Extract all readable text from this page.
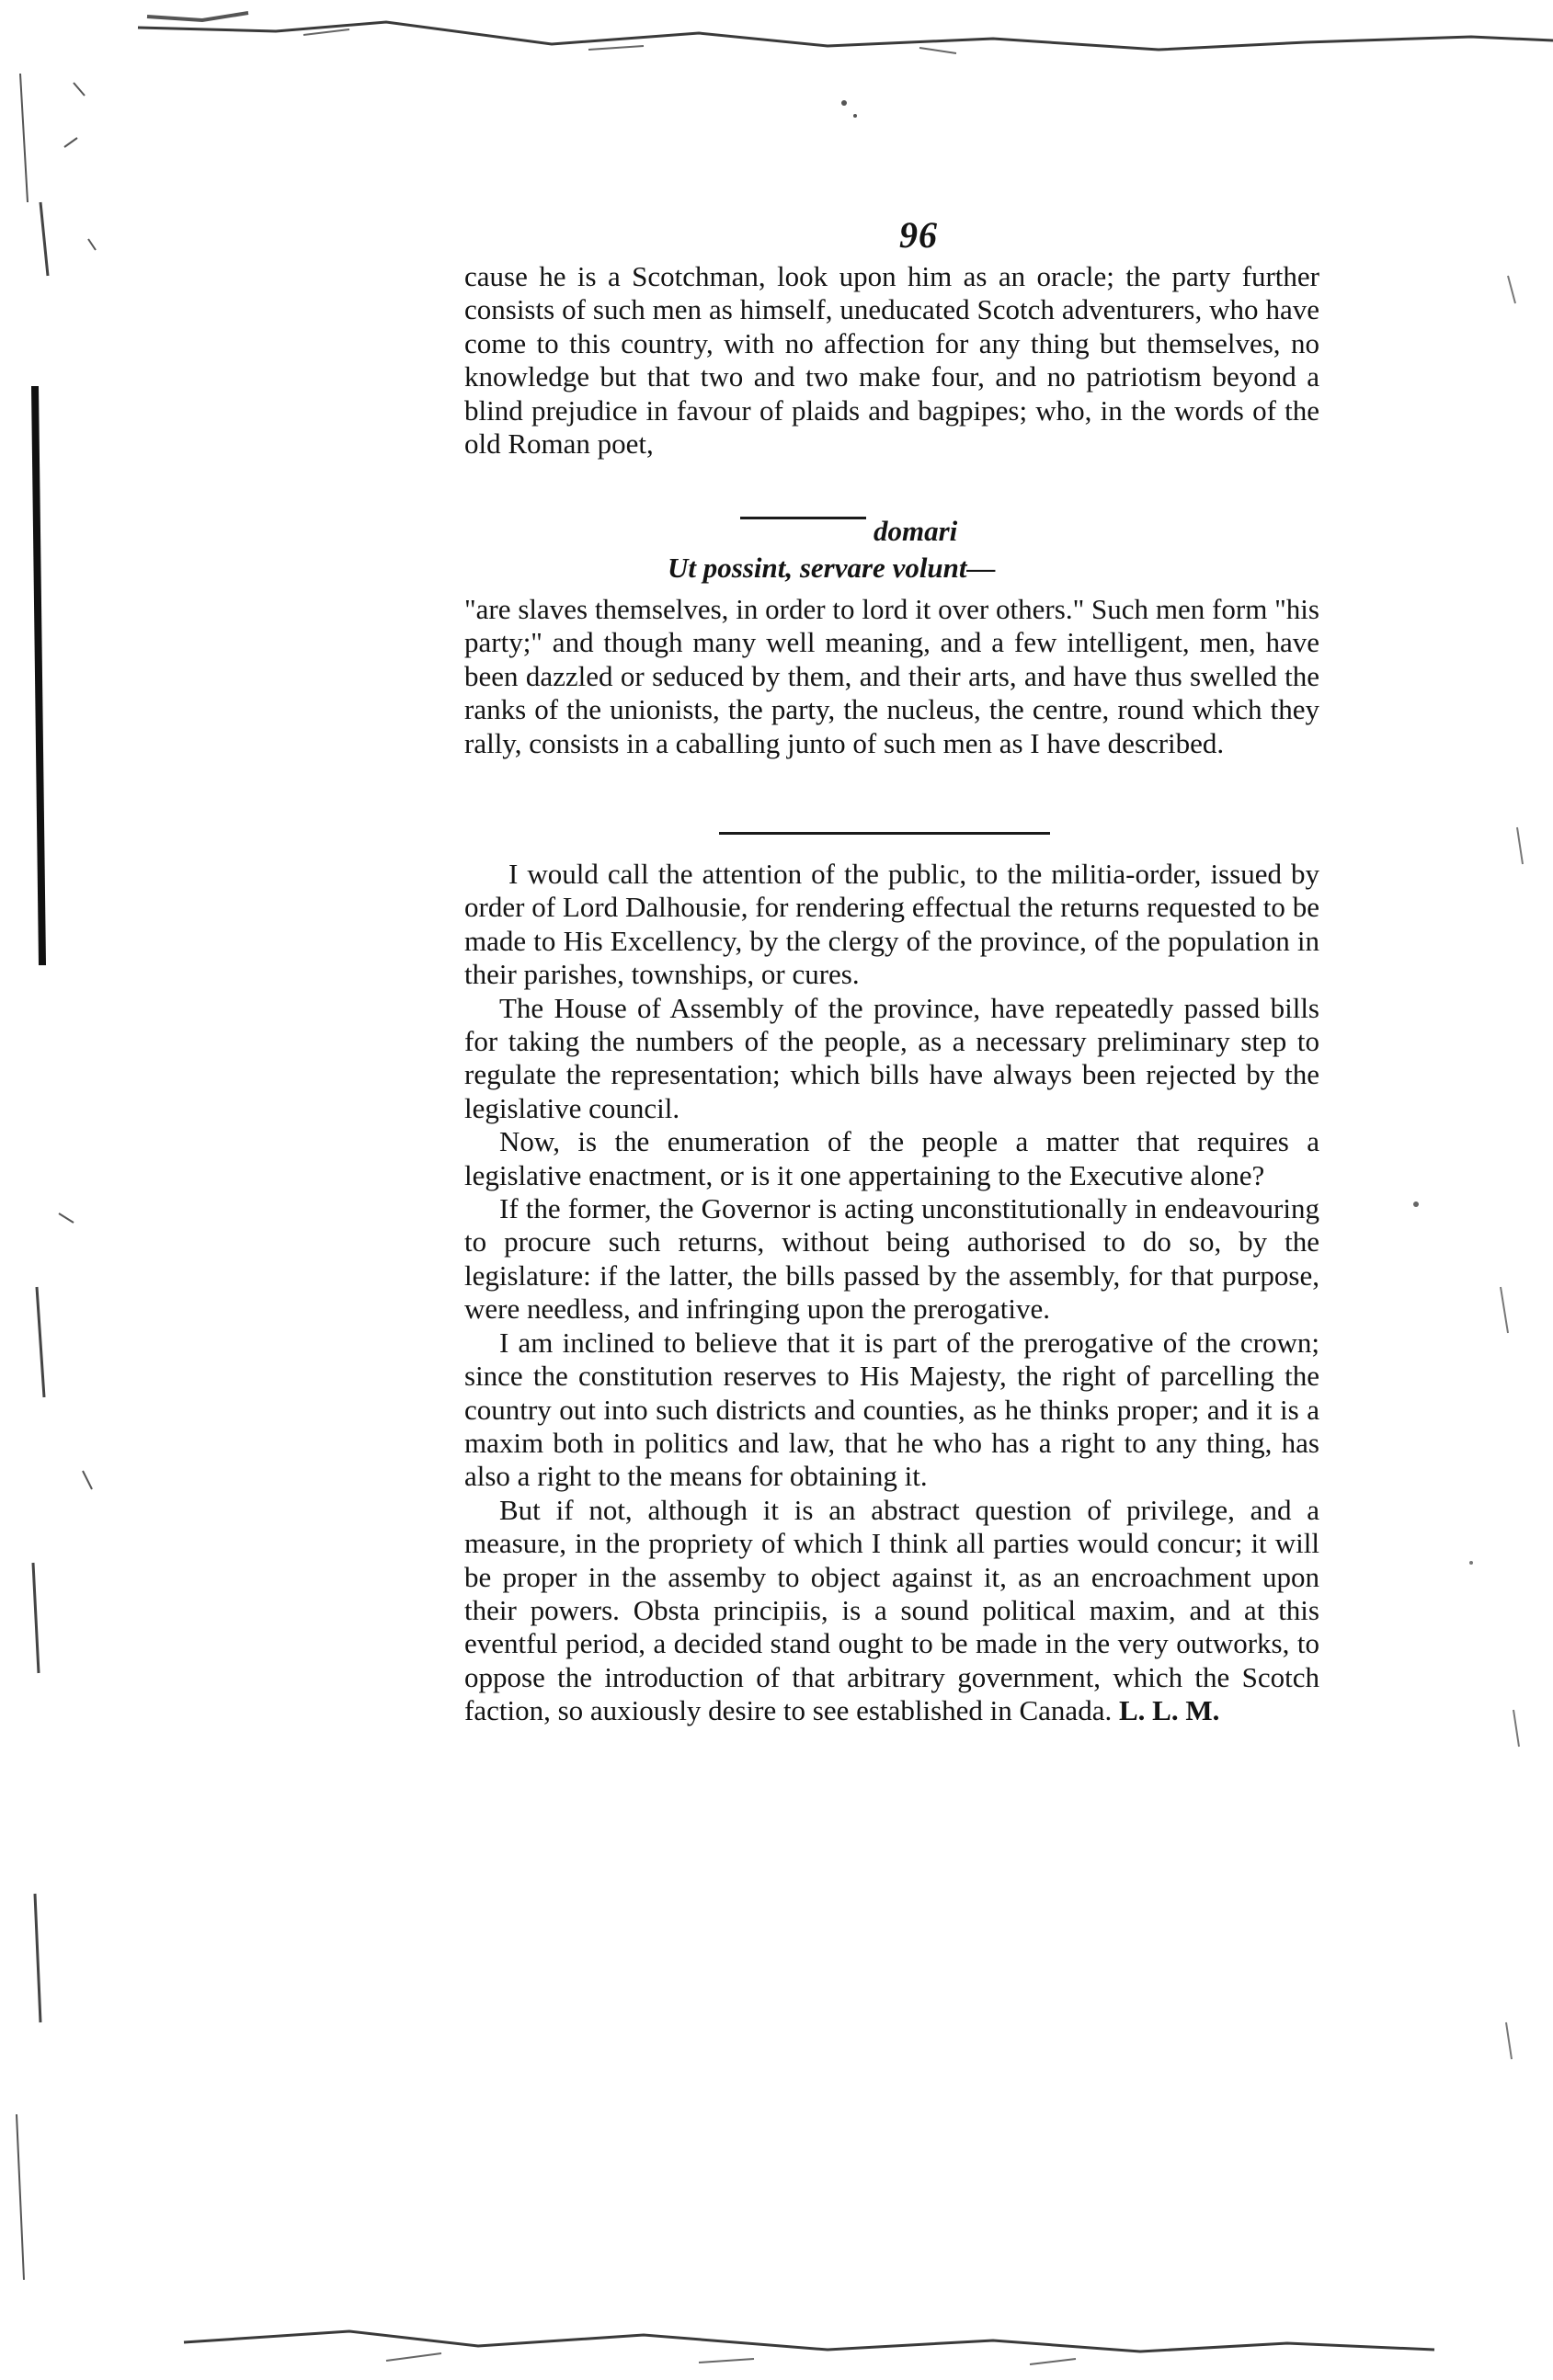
96

cause he is a Scotchman, look upon him as an oracle; the party further consists of such men as himself, uneducated Scotch adventurers, who have come to this country, with no affection for any thing but themselves, no knowledge but that two and two make four, and no patriotism beyond a blind prejudice in favour of plaids and bagpipes; who, in the words of the old Roman poet,

domari
Ut possint, servare volunt—

"are slaves themselves, in order to lord it over others." Such men form "his party;" and though many well meaning, and a few intelligent, men, have been dazzled or seduced by them, and their arts, and have thus swelled the ranks of the unionists, the party, the nucleus, the centre, round which they rally, consists in a caballing junto of such men as I have described.

I would call the attention of the public, to the militia-order, issued by order of Lord Dalhousie, for rendering effectual the returns requested to be made to His Excellency, by the clergy of the province, of the population in their parishes, townships, or cures.

The House of Assembly of the province, have repeatedly passed bills for taking the numbers of the people, as a necessary preliminary step to regulate the representation; which bills have always been rejected by the legislative council.

Now, is the enumeration of the people a matter that requires a legislative enactment, or is it one appertaining to the Executive alone?

If the former, the Governor is acting unconstitutionally in endeavouring to procure such returns, without being authorised to do so, by the legislature: if the latter, the bills passed by the assembly, for that purpose, were needless, and infringing upon the prerogative.

I am inclined to believe that it is part of the prerogative of the crown; since the constitution reserves to His Majesty, the right of parcelling the country out into such districts and counties, as he thinks proper; and it is a maxim both in politics and law, that he who has a right to any thing, has also a right to the means for obtaining it.

But if not, although it is an abstract question of privilege, and a measure, in the propriety of which I think all parties would concur; it will be proper in the assemby to object against it, as an encroachment upon their powers. Obsta principiis, is a sound political maxim, and at this eventful period, a decided stand ought to be made in the very outworks, to oppose the introduction of that arbitrary government, which the Scotch faction, so auxiously desire to see established in Canada. L. L. M.
